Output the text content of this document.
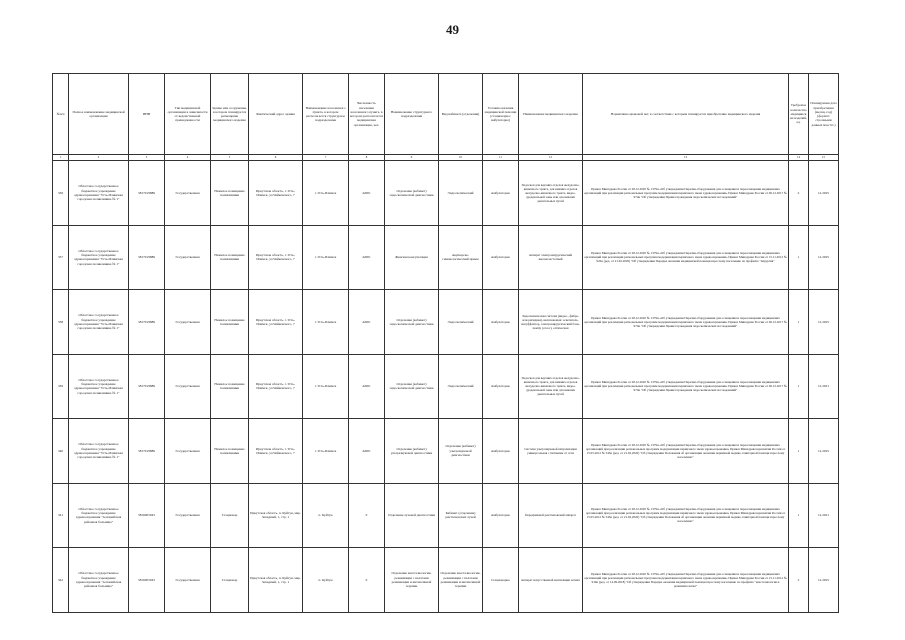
49
№п/п	Полное наименование медицинской организации	ИНН	Тип медицинской организации в зависимости от ведомственной принадлежности	Здание или сооружение, в котором планируется размещение медицинского изделия	Фактический адрес здания	Наименование населенного пункта, в котором располагается структурное подразделение	Численность населения населенного пункта, в котором располагается медицинская организация, чел.	Наименование структурного подразделения	Вид кабинета (отделения)	Условия оказания медицинской помощи (стационарно/амбулаторно)	Наименование медицинского изделия	Нормативно-правовой акт, в соответствии с которым планируется приобретение медицинского изделия	Требуемое количество медицинских изделий, ед.	Планируемая дата приобретения (месяц, год) (формат: строчными данных мм.гггг.)
1	2	3	4	5	6	7	8	9	10	11	12	13	14	15
336	Областное государственное бюджетное учреждение здравоохранения "Усть-Илимская городская поликлиника № 1"	3817019886	Государственная	Нежилое помещение поликлиники	Иркутская область, г. Усть-Илимск, ул.Чайковского, 7	г. Усть-Илимск	42001	Отделение (кабинет) эндоскопической диагностики	Эндоскопический	Амбулаторно	Эндоскоп для верхних отделов желудочно-кишечного тракта, для нижних отделов желудочно-кишечного тракта, видео-дуоденальной зоны или для нижних дыхательных путей	Приказ Минздрава России от 28.12.2020 № 1379н «Об утверждении Перечня оборудования для оснащения и переоснащения медицинских организаций при реализации региональных программ модернизации первичного звена здравоохранения» Приказ Минздрава России от 06.12.2017 № 974н "Об утверждении Правил проведения эндоскопических исследований"	2	12.2025
337	Областное государственное бюджетное учреждение здравоохранения "Усть-Илимская городская поликлиника № 1"	3817019886	Государственная	Нежилое помещение поликлиники	Иркутская область, г. Усть-Илимск, ул.Чайковского, 7	г. Усть-Илимск	42001	Женская консультация	Акушерско-гинекологический прием	Амбулаторно	Аппарат электрохирургический высокочастотный	Приказ Минздрава России от 28.12.2020 № 1379н «Об утверждении Перечня оборудования для оснащения и переоснащения медицинских организаций при реализации региональных программ модернизации первичного звена здравоохранения» Приказ Минздрава России от 15.11.2012 № 922н (ред. от 21.02.2020) "Об утверждении Порядка оказания медицинской помощи взрослому населению по профилю "хирургия"	1	12.2025
338	Областное государственное бюджетное учреждение здравоохранения "Усть-Илимская городская поликлиника № 1"	3817019886	Государственная	Нежилое помещение поликлиники	Иркутская область, г. Усть-Илимск, ул.Чайковского, 7	г. Усть-Илимск	42001	Отделение (кабинет) эндоскопической диагностики	Эндоскопический	Амбулаторно	Эндоскопическая система (видео-, фибро- или ригидная), включающая: осветитель, инсуффлятор, электрохирургический блок, помпу (отсос), оптическая	Приказ Минздрава России от 28.12.2020 № 1379н «Об утверждении Перечня оборудования для оснащения и переоснащения медицинских организаций при реализации региональных программ модернизации первичного звена здравоохранения» Приказ Минздрава России от 06.12.2017 № 974н "Об утверждении Правил проведения эндоскопических исследований"	1	12.2025
339	Областное государственное бюджетное учреждение здравоохранения "Усть-Илимская городская поликлиника № 1"	3817019886	Государственная	Нежилое помещение поликлиники	Иркутская область, г. Усть-Илимск, ул.Чайковского, 7	г. Усть-Илимск	42001	Отделение (кабинет) эндоскопической диагностики	Эндоскопический	Амбулаторно	Эндоскоп для верхних отделов желудочно-кишечного тракта, для нижних отделов желудочно-кишечного тракта, видео-дуоденальной зоны или для нижних дыхательных путей	Приказ Минздрава России от 28.12.2020 № 1379н «Об утверждении Перечня оборудования для оснащения и переоснащения медицинских организаций при реализации региональных программ модернизации первичного звена здравоохранения» Приказ Минздрава России от 06.12.2017 № 974н "Об утверждении Правил проведения эндоскопических исследований"	1	12.2021
340	Областное государственное бюджетное учреждение здравоохранения "Усть-Илимская городская поликлиника № 1"	3817019886	Государственная	Нежилое помещение поликлиники	Иркутская область, г. Усть-Илимск, ул.Чайковского, 7	г. Усть-Илимск	42001	Отделение (кабинет) ультразвуковой диагностики	Отделение (кабинет) ультразвуковой диагностики	Амбулаторно	Система ультразвуковой визуализации универсальная с питанием от сети	Приказ Минздрава России от 28.12.2020 № 1379н «Об утверждении Перечня оборудования для оснащения и переоснащения медицинских организаций при реализации региональных программ модернизации первичного звена здравоохранения» Приказ Минздравсоцразвития России от 15.05.2012 № 543н (ред. от 21.02.2020) "Об утверждении Положения об организации оказания первичной медико-санитарной помощи взрослому населению"	1	12.2025
341	Областное государственное бюджетное учреждение здравоохранения "Алзамайская районная больница"	3816005043	Государственная	Стационар	Иркутская область, п. Куйтун, мкр. Западный, 1, стр. 1	п. Куйтун	0	Отделение лучевой диагностики	Кабинет (отделение) рентгеновских лучей	Амбулаторно	Передвижной рентгеновский аппарат	Приказ Минздрава России от 28.12.2020 № 1379н «Об утверждении Перечня оборудования для оснащения и переоснащения медицинских организаций при реализации региональных программ модернизации первичного звена здравоохранения» Приказ Минздравсоцразвития России от 15.05.2012 № 543н (ред. от 21.02.2020) "Об утверждении Положения об организации оказания первичной медико-санитарной помощи взрослому населению"	1	12.2021
342	Областное государственное бюджетное учреждение здравоохранения "Алзамайская районная больница"	3816005043	Государственная	Стационар	Иркутская область, п. Куйтун, мкр. Западный, 1, стр. 1	п. Куйтун	0	Отделение анестезиологии-реанимации с палатами реанимации и интенсивной терапии	Отделение анестезиологии-реанимации с палатами реанимации и интенсивной терапии	Стационарно	Аппарат искусственной вентиляции легких	Приказ Минздрава России от 28.12.2020 № 1379н «Об утверждении Перечня оборудования для оснащения и переоснащения медицинских организаций при реализации региональных программ модернизации первичного звена здравоохранения» Приказ Минздрава России от 15.11.2012 № 919н (ред. от 14.09.2018) "Об утверждении Порядка оказания медицинской помощи взрослому населению по профилю "анестезиология и реаниматология"	2	12.2025
